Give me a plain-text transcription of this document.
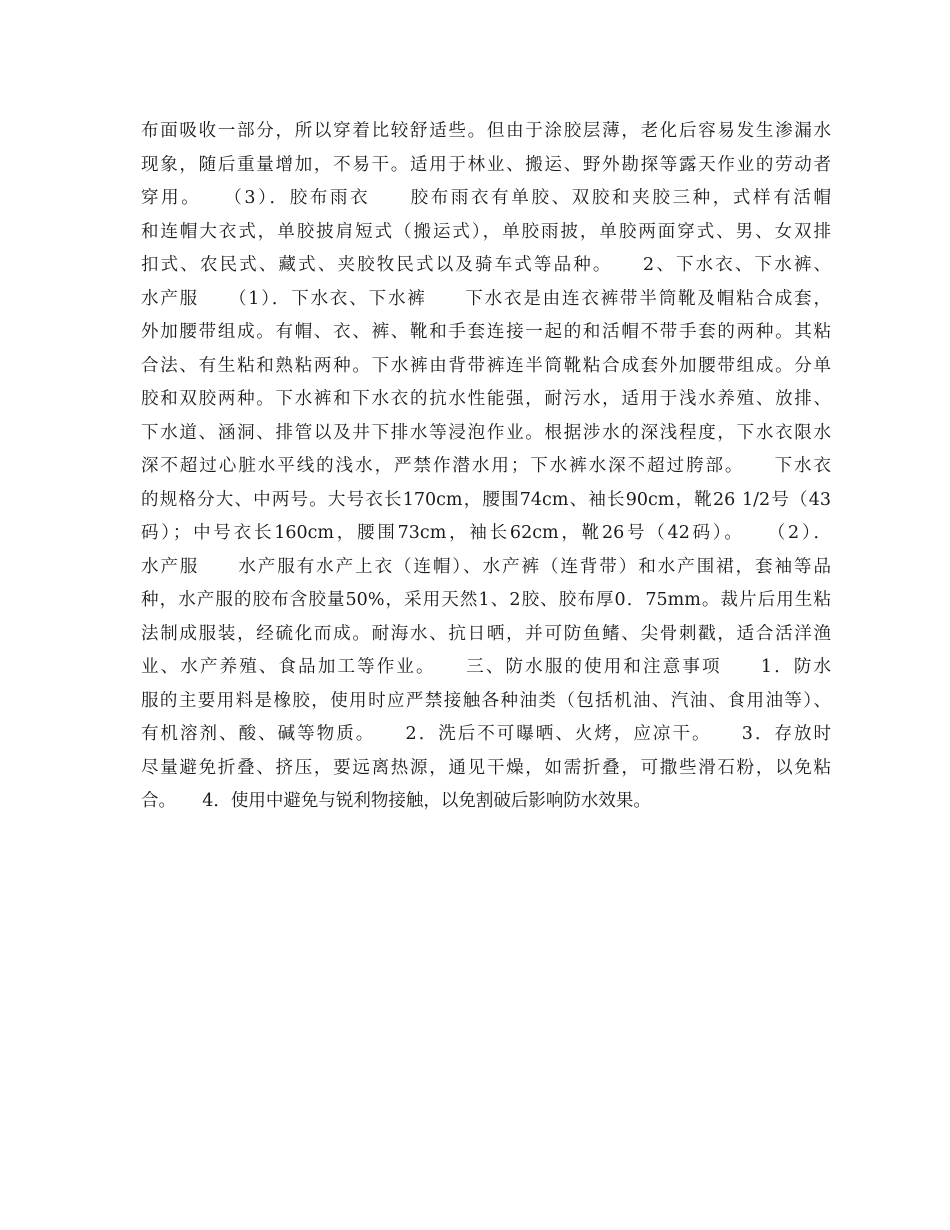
布面吸收一部分，所以穿着比较舒适些。但由于涂胶层薄，老化后容易发生渗漏水
现象，随后重量增加，不易干。适用于林业、搬运、野外勘探等露天作业的劳动者
穿用。　　（3）．胶布雨衣　　胶布雨衣有单胶、双胶和夹胶三种，式样有活帽
和连帽大衣式，单胶披肩短式（搬运式），单胶雨披，单胶两面穿式、男、女双排
扣式、农民式、藏式、夹胶牧民式以及骑车式等品种。　　2、下水衣、下水裤、
水产服　　（1）．下水衣、下水裤　　下水衣是由连衣裤带半筒靴及帽粘合成套，
外加腰带组成。有帽、衣、裤、靴和手套连接一起的和活帽不带手套的两种。其粘
合法、有生粘和熟粘两种。下水裤由背带裤连半筒靴粘合成套外加腰带组成。分单
胶和双胶两种。下水裤和下水衣的抗水性能强，耐污水，适用于浅水养殖、放排、
下水道、涵洞、排管以及井下排水等浸泡作业。根据涉水的深浅程度，下水衣限水
深不超过心脏水平线的浅水，严禁作潜水用；下水裤水深不超过胯部。　　下水衣
的规格分大、中两号。大号衣长170cm，腰围74cm、袖长90cm，靴26 1/2号（43
码）；中号衣长160cm，腰围73cm，袖长62cm，靴26号（42码）。　　（2）．
水产服　　水产服有水产上衣（连帽）、水产裤（连背带）和水产围裙，套袖等品
种，水产服的胶布含胶量50%，采用天然1、2胶、胶布厚0．75mm。裁片后用生粘
法制成服装，经硫化而成。耐海水、抗日晒，并可防鱼鳍、尖骨刺戳，适合活洋渔
业、水产养殖、食品加工等作业。　　三、防水服的使用和注意事项　　1．防水
服的主要用料是橡胶，使用时应严禁接触各种油类（包括机油、汽油、食用油等）、
有机溶剂、酸、碱等物质。　　2．洗后不可曝晒、火烤，应凉干。　　3．存放时
尽量避免折叠、挤压，要远离热源，通见干燥，如需折叠，可撒些滑石粉，以免粘
合。　　4．使用中避免与锐利物接触，以免割破后影响防水效果。
